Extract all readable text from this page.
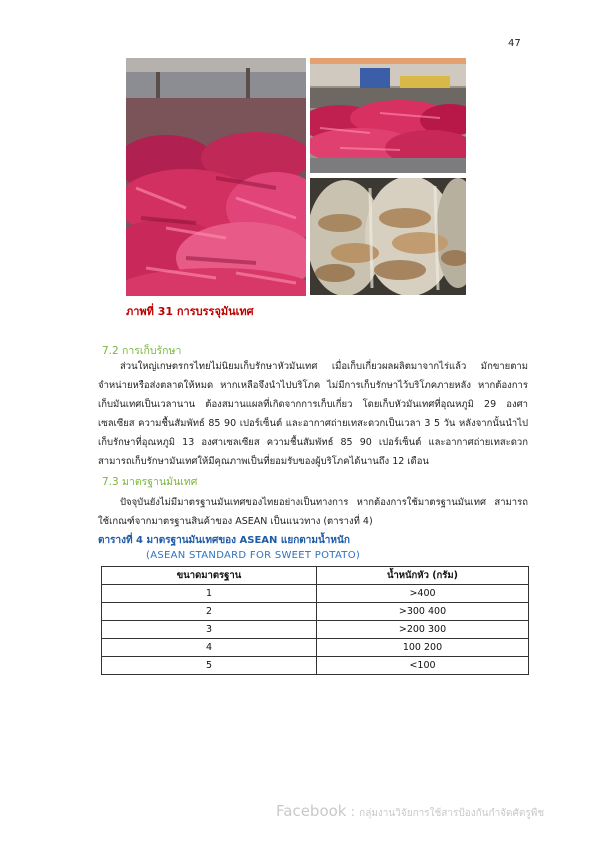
47
ภาพที่ 31 การบรรจุมันเทศ
7.2 การเก็บรักษา
ส่วนใหญ่เกษตรกรไทยไม่นิยมเก็บรักษาหัวมันเทศ เมื่อเก็บเกี่ยวผลผลิตมาจากไร่แล้ว มักขายตามจำหน่ายหรือส่งตลาดให้หมด หากเหลือจึงนำไปบริโภค ไม่มีการเก็บรักษาไว้บริโภคภายหลัง หากต้องการเก็บมันเทศเป็นเวลานาน ต้องสมานแผลที่เกิดจากการเก็บเกี่ยว โดยเก็บหัวมันเทศที่อุณหภูมิ 29 องศาเซลเซียส ความชื้นสัมพัทธ์ 85 90 เปอร์เซ็นต์ และอากาศถ่ายเทสะดวกเป็นเวลา 3 5 วัน หลังจากนั้นนำไปเก็บรักษาที่อุณหภูมิ 13 องศาเซลเซียส ความชื้นสัมพัทธ์ 85 90 เปอร์เซ็นต์ และอากาศถ่ายเทสะดวก สามารถเก็บรักษามันเทศให้มีคุณภาพเป็นที่ยอมรับของผู้บริโภคได้นานถึง 12 เดือน
7.3 มาตรฐานมันเทศ
ปัจจุบันยังไม่มีมาตรฐานมันเทศของไทยอย่างเป็นทางการ หากต้องการใช้มาตรฐานมันเทศ สามารถใช้เกณฑ์จากมาตรฐานสินค้าของ ASEAN เป็นแนวทาง (ตารางที่ 4)
ตารางที่ 4 มาตรฐานมันเทศของ ASEAN แยกตามน้ำหนัก
(ASEAN STANDARD FOR SWEET POTATO)
ขนาดมาตรฐาน	น้ำหนักหัว (กรัม)
1	>400
2	>300 400
3	>200 300
4	100 200
5	<100
Facebook : กลุ่มงานวิจัยการใช้สารป้องกันกำจัดศัตรูพืช
